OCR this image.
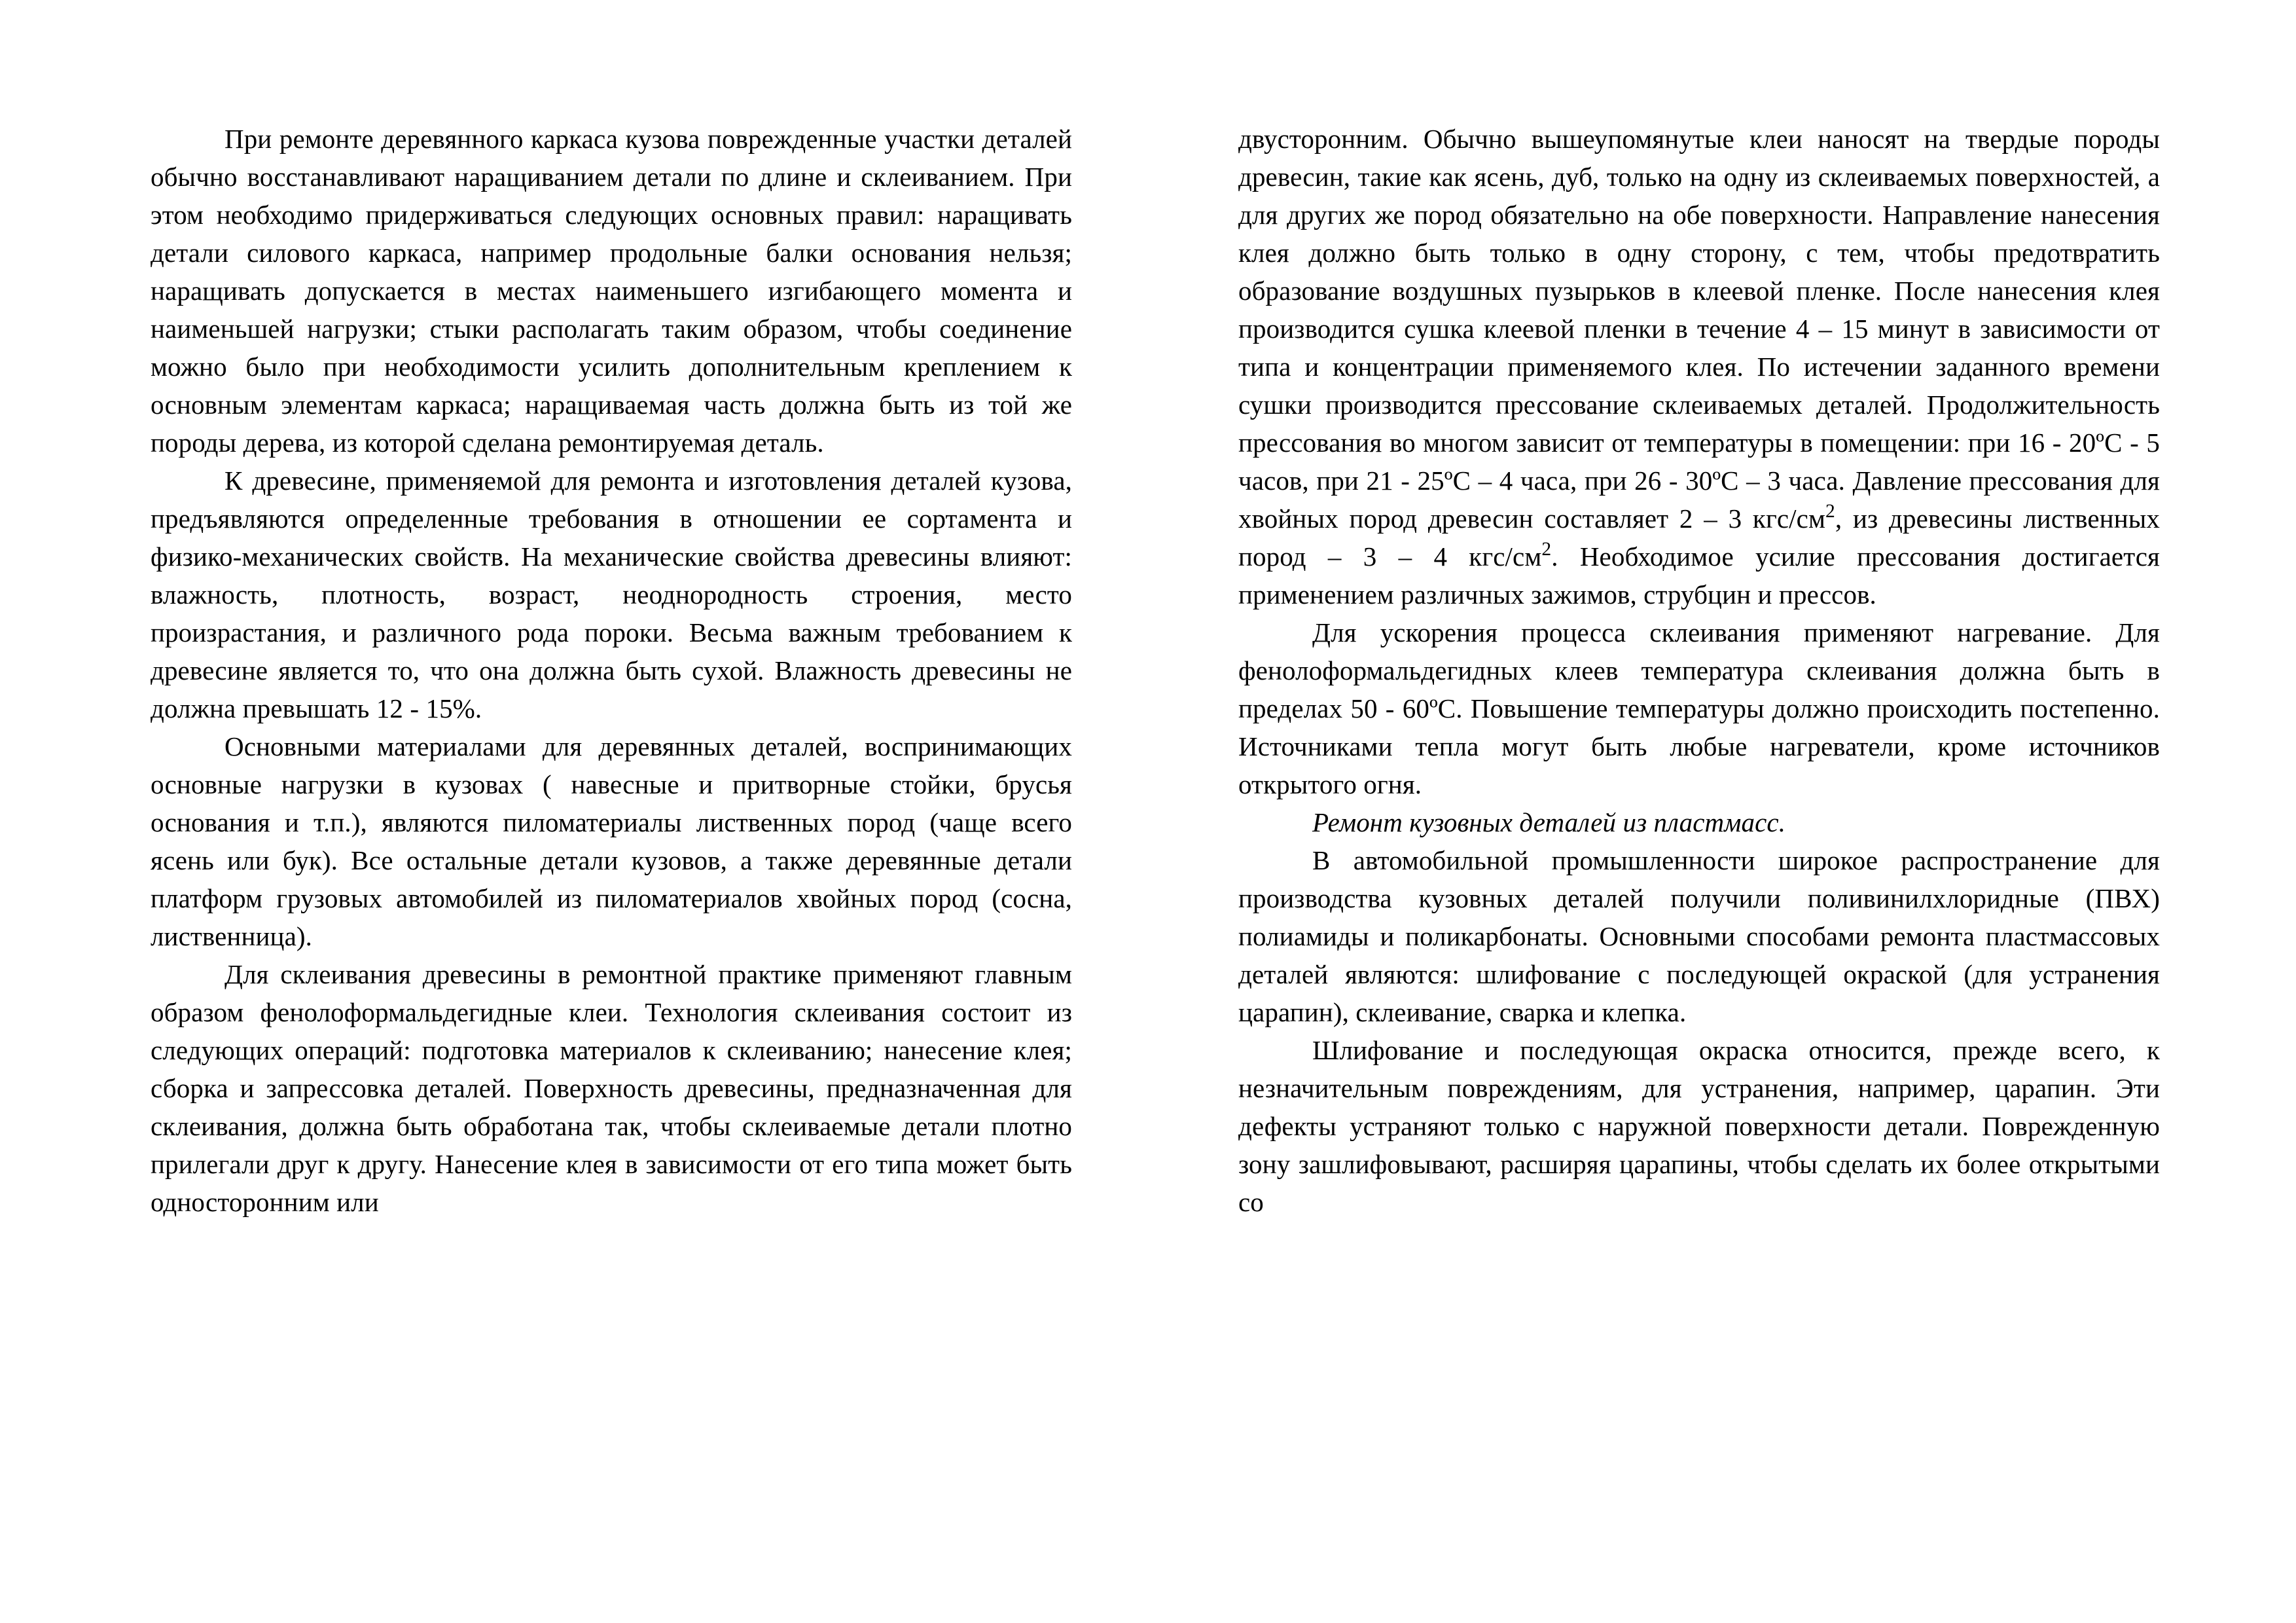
При ремонте деревянного каркаса кузова поврежденные участки деталей обычно восстанавливают наращиванием детали по длине и склеиванием. При этом необходимо придерживаться следующих основных правил: наращивать детали силового каркаса, например продольные балки основания нельзя; наращивать допускается в местах наименьшего изгибающего момента и наименьшей нагрузки; стыки располагать таким образом, чтобы соединение можно было при необходимости усилить дополнительным креплением к основным элементам каркаса; наращиваемая часть должна быть из той же породы дерева, из которой сделана ремонтируемая деталь.

К древесине, применяемой для ремонта и изготовления деталей кузова, предъявляются определенные требования в отношении ее сортамента и физико-механических свойств. На механические свойства древесины влияют: влажность, плотность, возраст, неоднородность строения, место произрастания, и различного рода пороки. Весьма важным требованием к древесине является то, что она должна быть сухой. Влажность древесины не должна превышать 12 - 15%.

Основными материалами для деревянных деталей, воспринимающих основные нагрузки в кузовах ( навесные и притворные стойки, брусья основания и т.п.), являются пиломатериалы лиственных пород (чаще всего ясень или бук). Все остальные детали кузовов, а также деревянные детали платформ грузовых автомобилей из пиломатериалов хвойных пород (сосна, лиственница).

Для склеивания древесины в ремонтной практике применяют главным образом фенолоформальдегидные клеи. Технология склеивания состоит из следующих операций: подготовка материалов к склеиванию; нанесение клея; сборка и запрессовка деталей. Поверхность древесины, предназначенная для склеивания, должна быть обработана так, чтобы склеиваемые детали плотно прилегали друг к другу. Нанесение клея в зависимости от его типа может быть односторонним или

двусторонним. Обычно вышеупомянутые клеи наносят на твердые породы древесин, такие как ясень, дуб, только на одну из склеиваемых поверхностей, а для других же пород обязательно на обе поверхности. Направление нанесения клея должно быть только в одну сторону, с тем, чтобы предотвратить образование воздушных пузырьков в клеевой пленке. После нанесения клея производится сушка клеевой пленки в течение 4 – 15 минут в зависимости от типа и концентрации применяемого клея. По истечении заданного времени сушки производится прессование склеиваемых деталей. Продолжительность прессования во многом зависит от температуры в помещении: при 16 - 20ºС - 5 часов, при 21 - 25ºС – 4 часа, при 26 - 30ºС – 3 часа. Давление прессования для хвойных пород древесин составляет 2 – 3 кгс/$см^2$, из древесины лиственных пород – 3 – 4 кгс/$см^2$. Необходимое усилие прессования достигается применением различных зажимов, струбцин и прессов.

Для ускорения процесса склеивания применяют нагревание. Для фенолоформальдегидных клеев температура склеивания должна быть в пределах 50 - 60ºС. Повышение температуры должно происходить постепенно. Источниками тепла могут быть любые нагреватели, кроме источников открытого огня.

Ремонт кузовных деталей из пластмасс.

В автомобильной промышленности широкое распространение для производства кузовных деталей получили поливинилхлоридные (ПВХ) полиамиды и поликарбонаты. Основными способами ремонта пластмассовых деталей являются: шлифование с последующей окраской (для устранения царапин), склеивание, сварка и клепка.

Шлифование и последующая окраска относится, прежде всего, к незначительным повреждениям, для устранения, например, царапин. Эти дефекты устраняют только с наружной поверхности детали. Поврежденную зону зашлифовывают, расширяя царапины, чтобы сделать их более открытыми со
